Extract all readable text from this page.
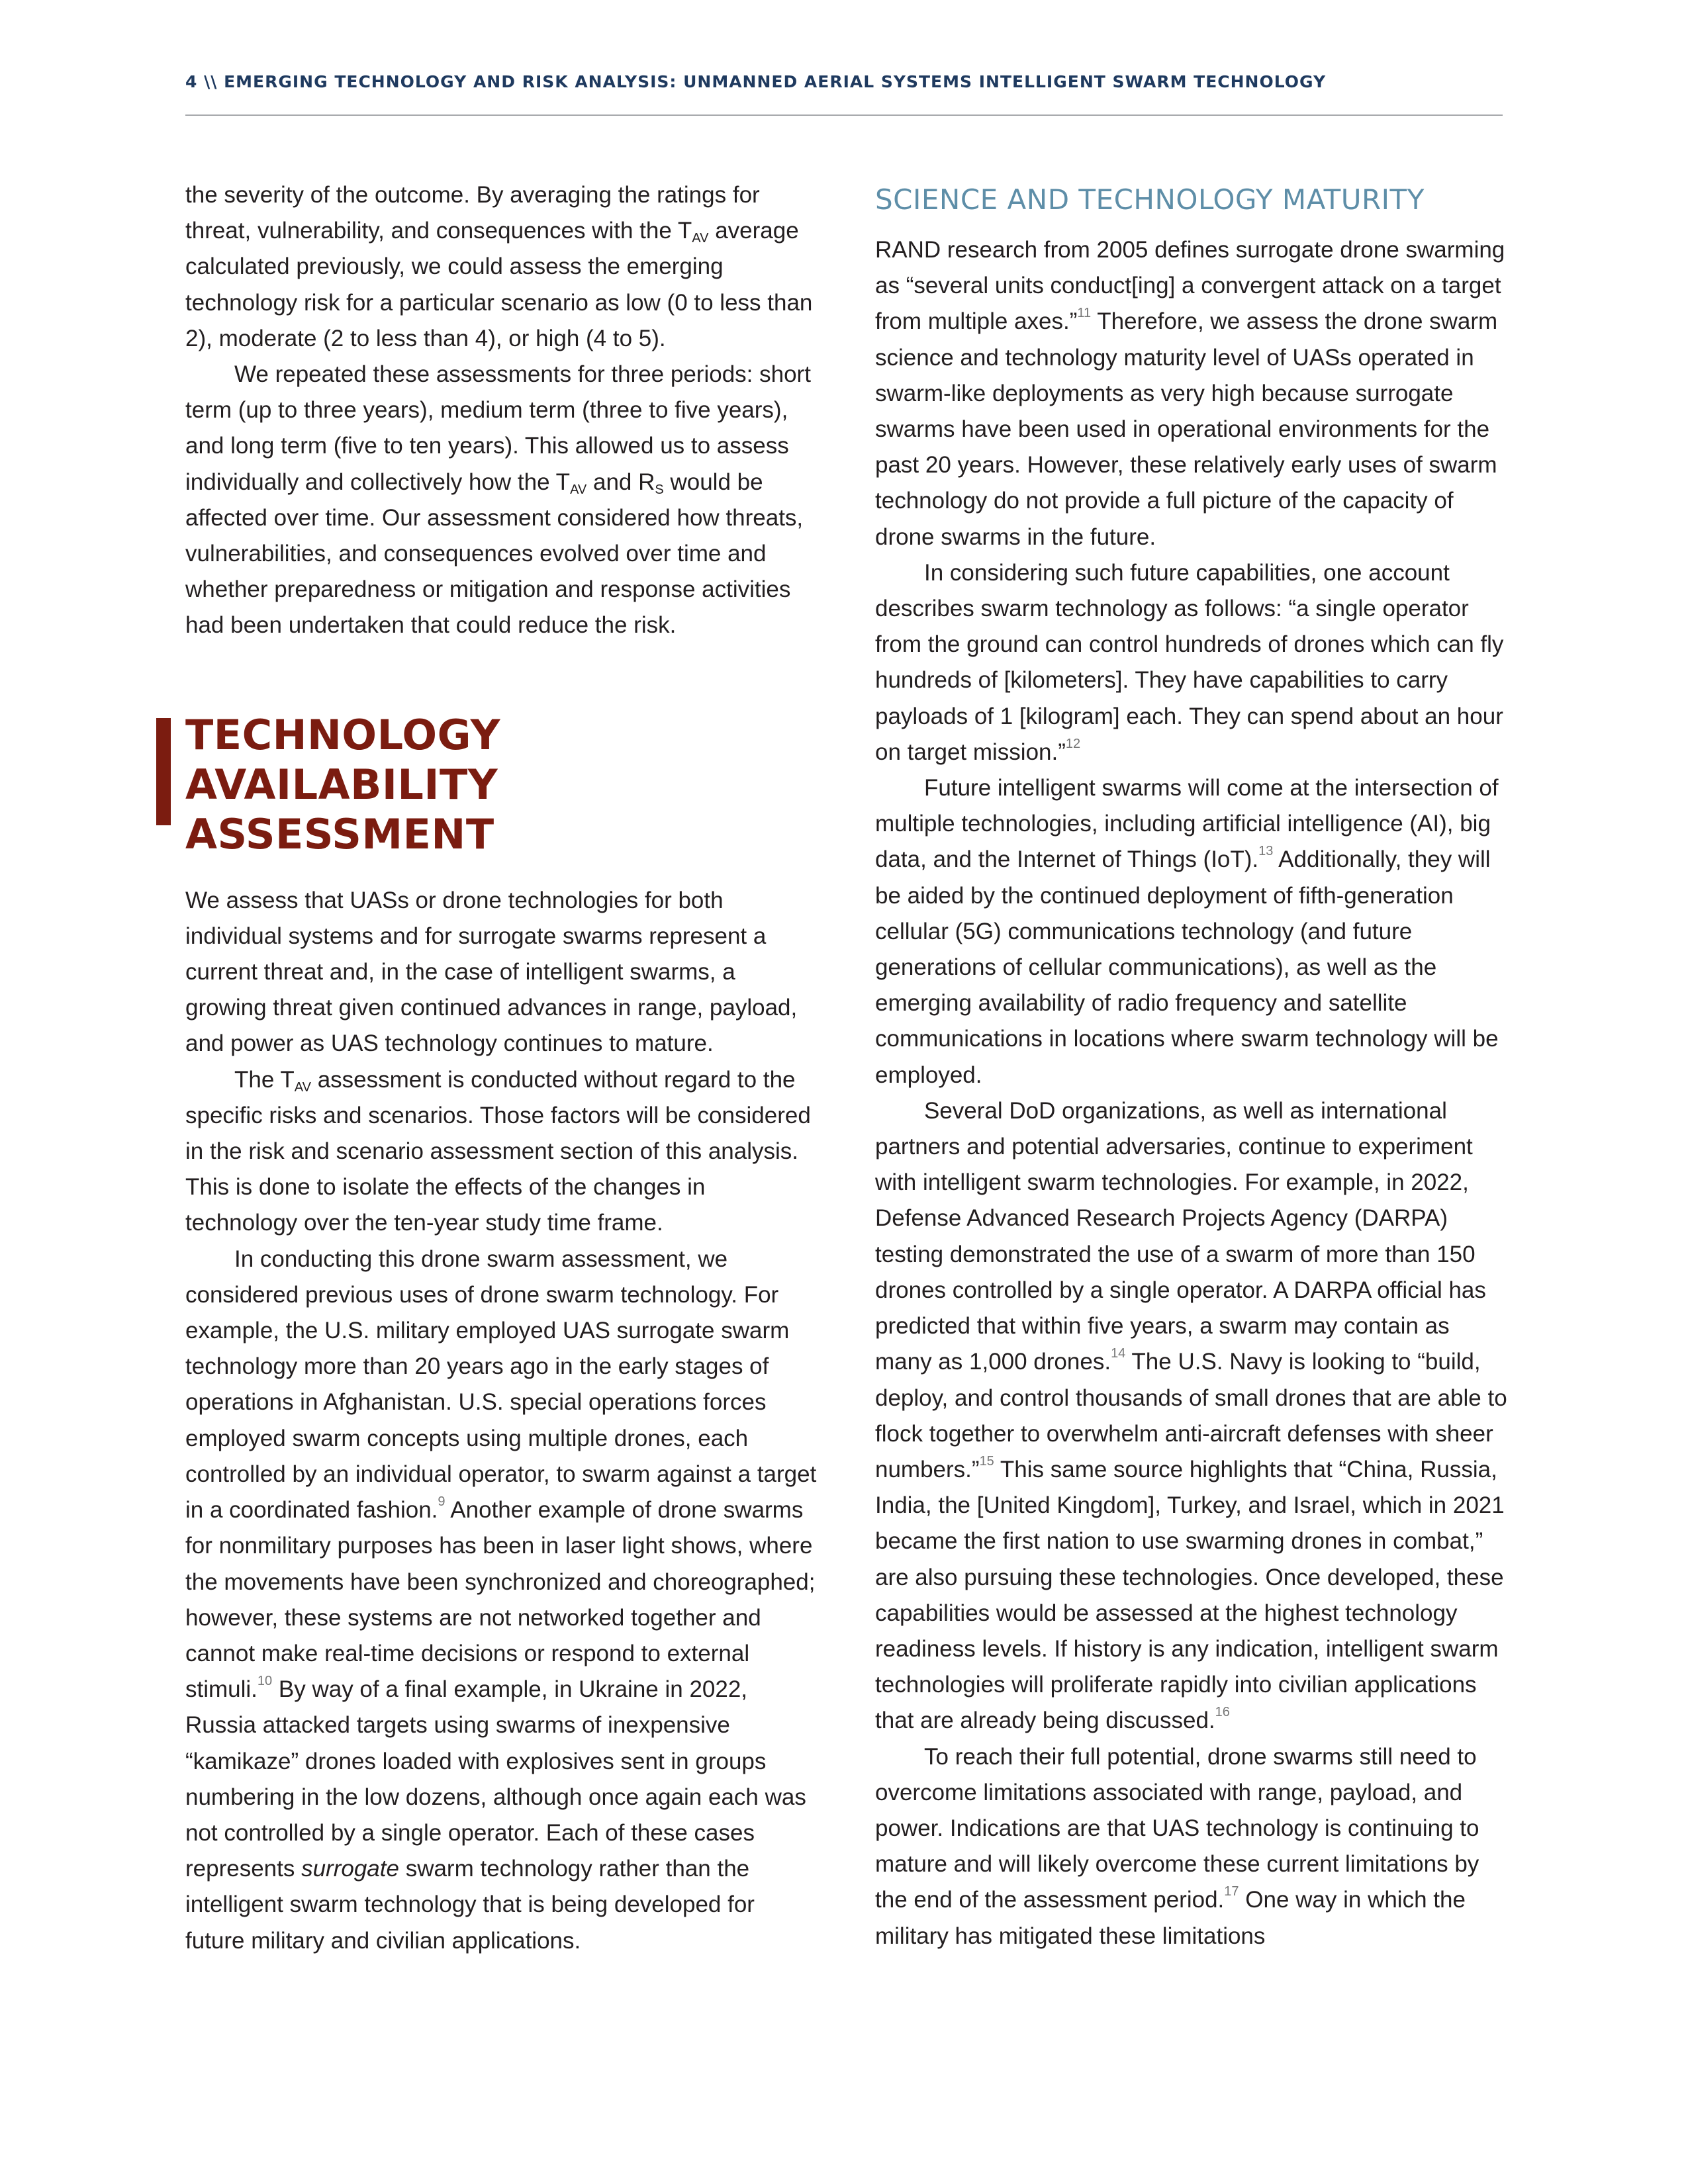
4 \\ EMERGING TECHNOLOGY AND RISK ANALYSIS: UNMANNED AERIAL SYSTEMS INTELLIGENT SWARM TECHNOLOGY

the severity of the outcome. By averaging the ratings for threat, vulnerability, and consequences with the $T_{AV}$ average calculated previously, we could assess the emerging technology risk for a particular scenario as low (0 to less than 2), moderate (2 to less than 4), or high (4 to 5).

We repeated these assessments for three periods: short term (up to three years), medium term (three to five years), and long term (five to ten years). This allowed us to assess individually and collectively how the $T_{AV}$ and $R_S$ would be affected over time. Our assessment considered how threats, vulnerabilities, and consequences evolved over time and whether preparedness or mitigation and response activities had been undertaken that could reduce the risk.

TECHNOLOGY AVAILABILITY ASSESSMENT

We assess that UASs or drone technologies for both individual systems and for surrogate swarms represent a current threat and, in the case of intelligent swarms, a growing threat given continued advances in range, payload, and power as UAS technology continues to mature.

The $T_{AV}$ assessment is conducted without regard to the specific risks and scenarios. Those factors will be considered in the risk and scenario assessment section of this analysis. This is done to isolate the effects of the changes in technology over the ten-year study time frame.

In conducting this drone swarm assessment, we considered previous uses of drone swarm technology. For example, the U.S. military employed UAS surrogate swarm technology more than 20 years ago in the early stages of operations in Afghanistan. U.S. special operations forces employed swarm concepts using multiple drones, each controlled by an individual operator, to swarm against a target in a coordinated fashion.$^9$ Another example of drone swarms for nonmilitary purposes has been in laser light shows, where the movements have been synchronized and choreographed; however, these systems are not networked together and cannot make real-time decisions or respond to external stimuli.$^{10}$ By way of a final example, in Ukraine in 2022, Russia attacked targets using swarms of inexpensive “kamikaze” drones loaded with explosives sent in groups numbering in the low dozens, although once again each was not controlled by a single operator. Each of these cases represents surrogate swarm technology rather than the intelligent swarm technology that is being developed for future military and civilian applications.

SCIENCE AND TECHNOLOGY MATURITY

RAND research from 2005 defines surrogate drone swarming as “several units conduct[ing] a convergent attack on a target from multiple axes.”$^{11}$ Therefore, we assess the drone swarm science and technology maturity level of UASs operated in swarm-like deployments as very high because surrogate swarms have been used in operational environments for the past 20 years. However, these relatively early uses of swarm technology do not provide a full picture of the capacity of drone swarms in the future.

In considering such future capabilities, one account describes swarm technology as follows: “a single operator from the ground can control hundreds of drones which can fly hundreds of [kilometers]. They have capabilities to carry payloads of 1 [kilogram] each. They can spend about an hour on target mission.”$^{12}$

Future intelligent swarms will come at the intersection of multiple technologies, including artificial intelligence (AI), big data, and the Internet of Things (IoT).$^{13}$ Additionally, they will be aided by the continued deployment of fifth-generation cellular (5G) communications technology (and future generations of cellular communications), as well as the emerging availability of radio frequency and satellite communications in locations where swarm technology will be employed.

Several DoD organizations, as well as international partners and potential adversaries, continue to experiment with intelligent swarm technologies. For example, in 2022, Defense Advanced Research Projects Agency (DARPA) testing demonstrated the use of a swarm of more than 150 drones controlled by a single operator. A DARPA official has predicted that within five years, a swarm may contain as many as 1,000 drones.$^{14}$ The U.S. Navy is looking to “build, deploy, and control thousands of small drones that are able to flock together to overwhelm anti-aircraft defenses with sheer numbers.”$^{15}$ This same source highlights that “China, Russia, India, the [United Kingdom], Turkey, and Israel, which in 2021 became the first nation to use swarming drones in combat,” are also pursuing these technologies. Once developed, these capabilities would be assessed at the highest technology readiness levels. If history is any indication, intelligent swarm technologies will proliferate rapidly into civilian applications that are already being discussed.$^{16}$

To reach their full potential, drone swarms still need to overcome limitations associated with range, payload, and power. Indications are that UAS technology is continuing to mature and will likely overcome these current limitations by the end of the assessment period.$^{17}$ One way in which the military has mitigated these limitations
